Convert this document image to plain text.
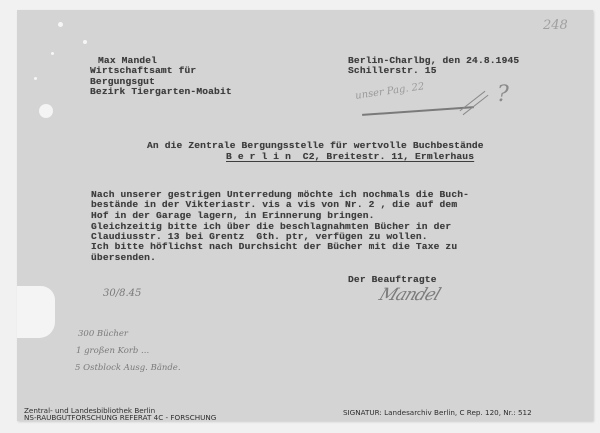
248
Max Mandel
Wirtschaftsamt für
Bergungsgut
Bezirk Tiergarten-Moabit
Berlin-Charlbg, den 24.8.1945
Schillerstr. 15
unser Pag. 22	?
An die Zentrale Bergungsstelle für wertvolle Buchbestände
B e r l i n  C2, Breitestr. 11, Ermlerhaus
Nach unserer gestrigen Unterredung möchte ich nochmals die Buch-
bestände in der Vikteriastr. vis a vis von Nr. 2 , die auf dem
Hof in der Garage lagern, in Erinnerung bringen.
Gleichzeitig bitte ich über die beschlagnahmten Bücher in der
Claudiusstr. 13 bei Grentz  Gth. ptr, verfügen zu wollen.
Ich bitte höflichst nach Durchsicht der Bücher mit die Taxe zu
übersenden.
Der Beauftragte
Mandel
30/8.45
300 Bücher
1 großen Korb ...
5 Ostblock Ausg. Bände.
Zentral- und Landesbibliothek Berlin
NS-RAUBGUTFORSCHUNG REFERAT 4C - FORSCHUNG
SIGNATUR: Landesarchiv Berlin, C Rep. 120, Nr.: 512
